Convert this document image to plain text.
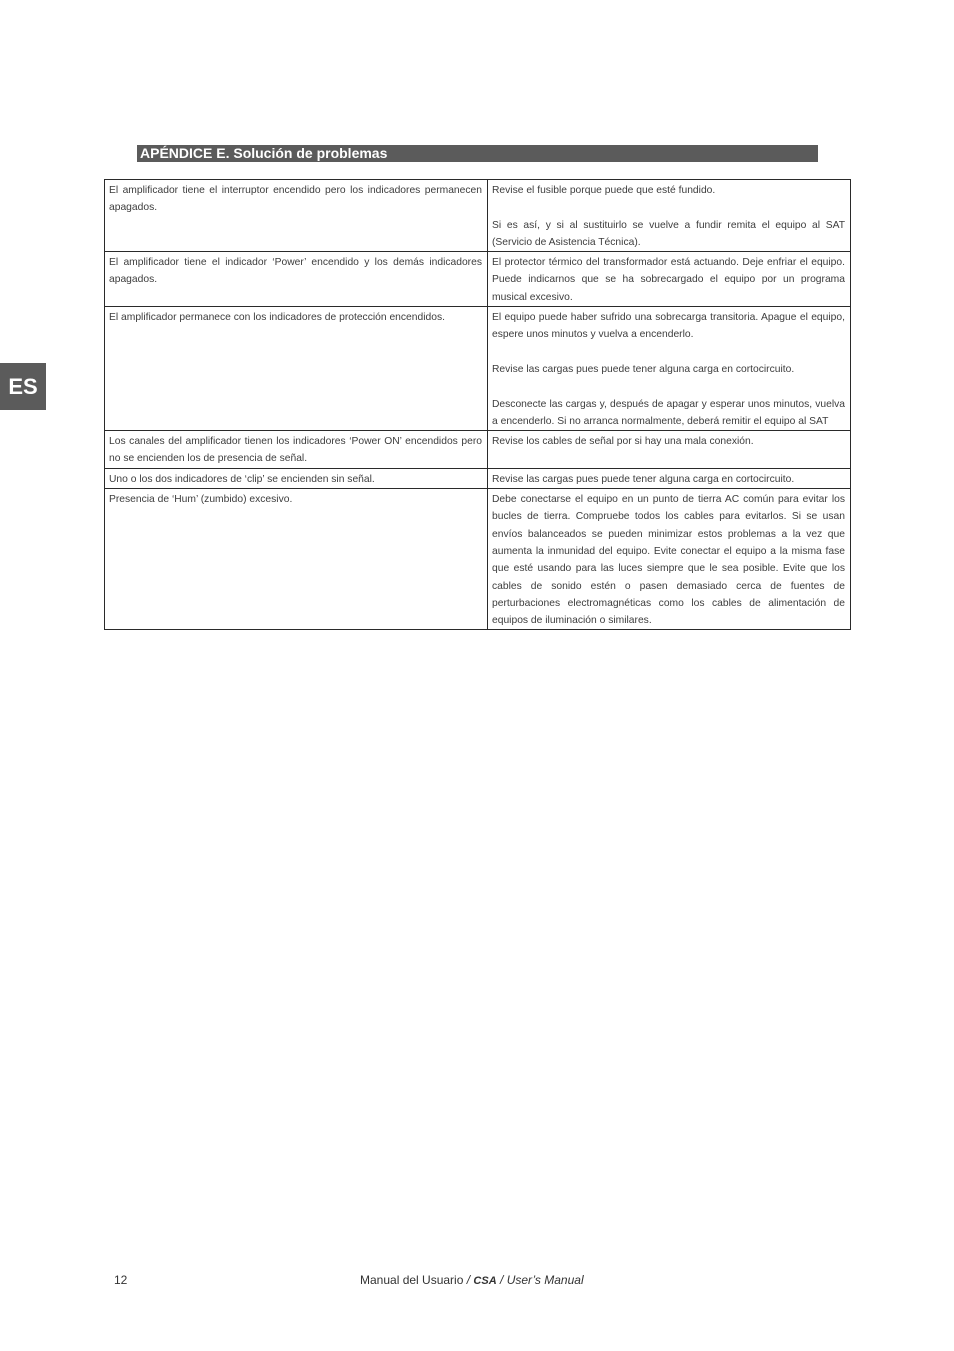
APÉNDICE E. Solución de problemas
ES

El amplificador tiene el interruptor encendido pero los indicadores permanecen apagados.	Revise el fusible porque puede que esté fundido.

Si es así, y si al sustituirlo se vuelve a fundir remita el equipo al SAT (Servicio de Asistencia Técnica).

El amplificador tiene el indicador ‘Power’ encendido y los demás indicadores apagados.	El protector térmico del transformador está actuando. Deje enfriar el equipo. Puede indicarnos que se ha sobrecargado el equipo por un programa musical excesivo.

El amplificador permanece con los indicadores de protección encendidos.	El equipo puede haber sufrido una sobrecarga transitoria. Apague el equipo, espere unos minutos y vuelva a encenderlo.

Revise las cargas pues puede tener alguna carga en cortocircuito.

Desconecte las cargas y, después de apagar y esperar unos minutos, vuelva a encenderlo. Si no arranca normalmente, deberá remitir el equipo al SAT

Los canales del amplificador tienen los indicadores ‘Power ON’ encendidos pero no se encienden los de presencia de señal.	Revise los cables de señal por si hay una mala conexión.

Uno o los dos indicadores de ‘clip’ se encienden sin señal.	Revise las cargas pues puede tener alguna carga en cortocircuito.

Presencia de ‘Hum’ (zumbido) excesivo.	Debe conectarse el equipo en un punto de tierra AC común para evitar los bucles de tierra. Compruebe todos los cables para evitarlos. Si se usan envíos balanceados se pueden minimizar estos problemas a la vez que aumenta la inmunidad del equipo. Evite conectar el equipo a la misma fase que esté usando para las luces siempre que le sea posible. Evite que los cables de sonido estén o pasen demasiado cerca de fuentes de perturbaciones electromagnéticas como los cables de alimentación de equipos de iluminación o similares.

12	Manual del Usuario / CSA / User’s Manual
